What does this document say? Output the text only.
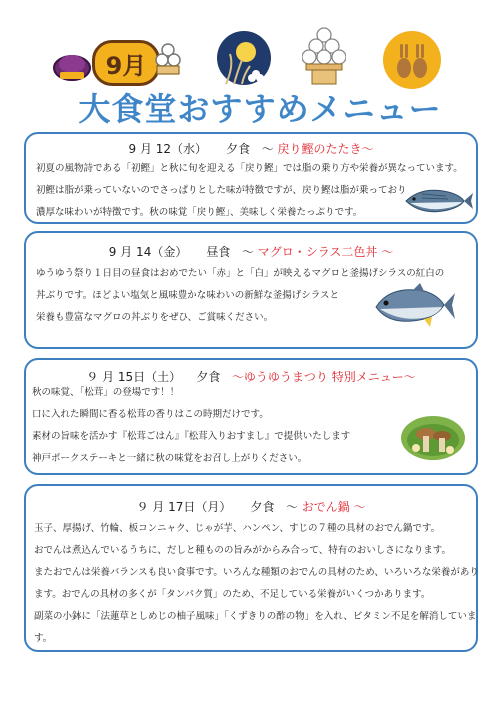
9月
大食堂おすすめメニュー
9 月 12（水） 夕食 ～ 戻り鰹のたたき～
初夏の風物詩である「初鰹」と秋に旬を迎える「戻り鰹」では脂の乗り方や栄養が異なっています。
初鰹は脂が乗っていないのでさっぱりとした味が特徴ですが、戻り鰹は脂が乗っており
濃厚な味わいが特徴です。秋の味覚「戻り鰹」、美味しく栄養たっぷりです。
9 月 14（金） 昼食 ～ マグロ・シラス二色丼 ～
ゆうゆう祭り１日目の昼食はおめでたい「赤」と「白」が映えるマグロと釜揚げシラスの紅白の
丼ぶりです。ほどよい塩気と風味豊かな味わいの新鮮な釜揚げシラスと
栄養も豊富なマグロの丼ぶりをぜひ、ご賞味ください。
９ 月 15日（土） 夕食 ～ゆうゆうまつり 特別メニュー～
秋の味覚、「松茸」の登場です！！
口に入れた瞬間に香る松茸の香りはこの時期だけです。
素材の旨味を活かす『松茸ごはん』『松茸入りおすまし』で提供いたします
神戸ポークステーキと一緒に秋の味覚をお召し上がりください。
９ 月 17日（月） 夕食 ～ おでん鍋 ～
玉子、厚揚げ、竹輪、板コンニャク、じゃが芋、ハンペン、すじの７種の具材のおでん鍋です。
おでんは煮込んでいるうちに、だしと種ものの旨みがからみ合って、特有のおいしさになります。
またおでんは栄養バランスも良い食事です。いろんな種類のおでんの具材のため、いろいろな栄養があり
ます。おでんの具材の多くが「タンパク質」のため、不足している栄養がいくつかあります。
副菜の小鉢に「法蓮草としめじの柚子風味」「くずきりの酢の物」を入れ、ビタミン不足を解消していま
す。
